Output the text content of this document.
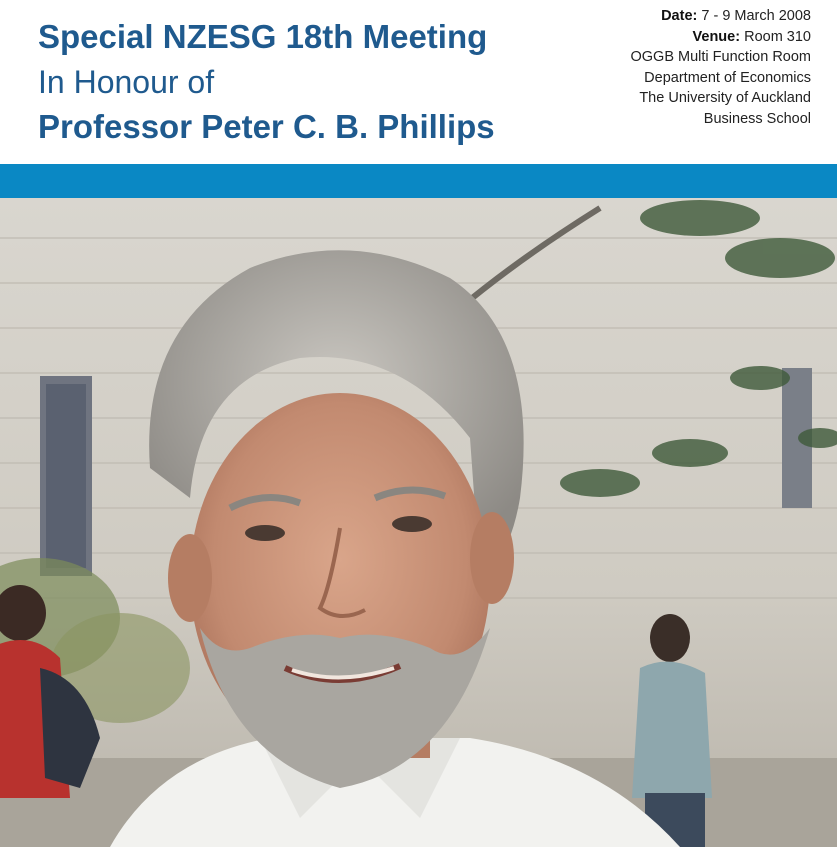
Special NZESG 18th Meeting
In Honour of
Professor Peter C. B. Phillips
Date: 7 - 9 March 2008
Venue: Room 310
OGGB Multi Function Room
Department of Economics
The University of Auckland
Business School
